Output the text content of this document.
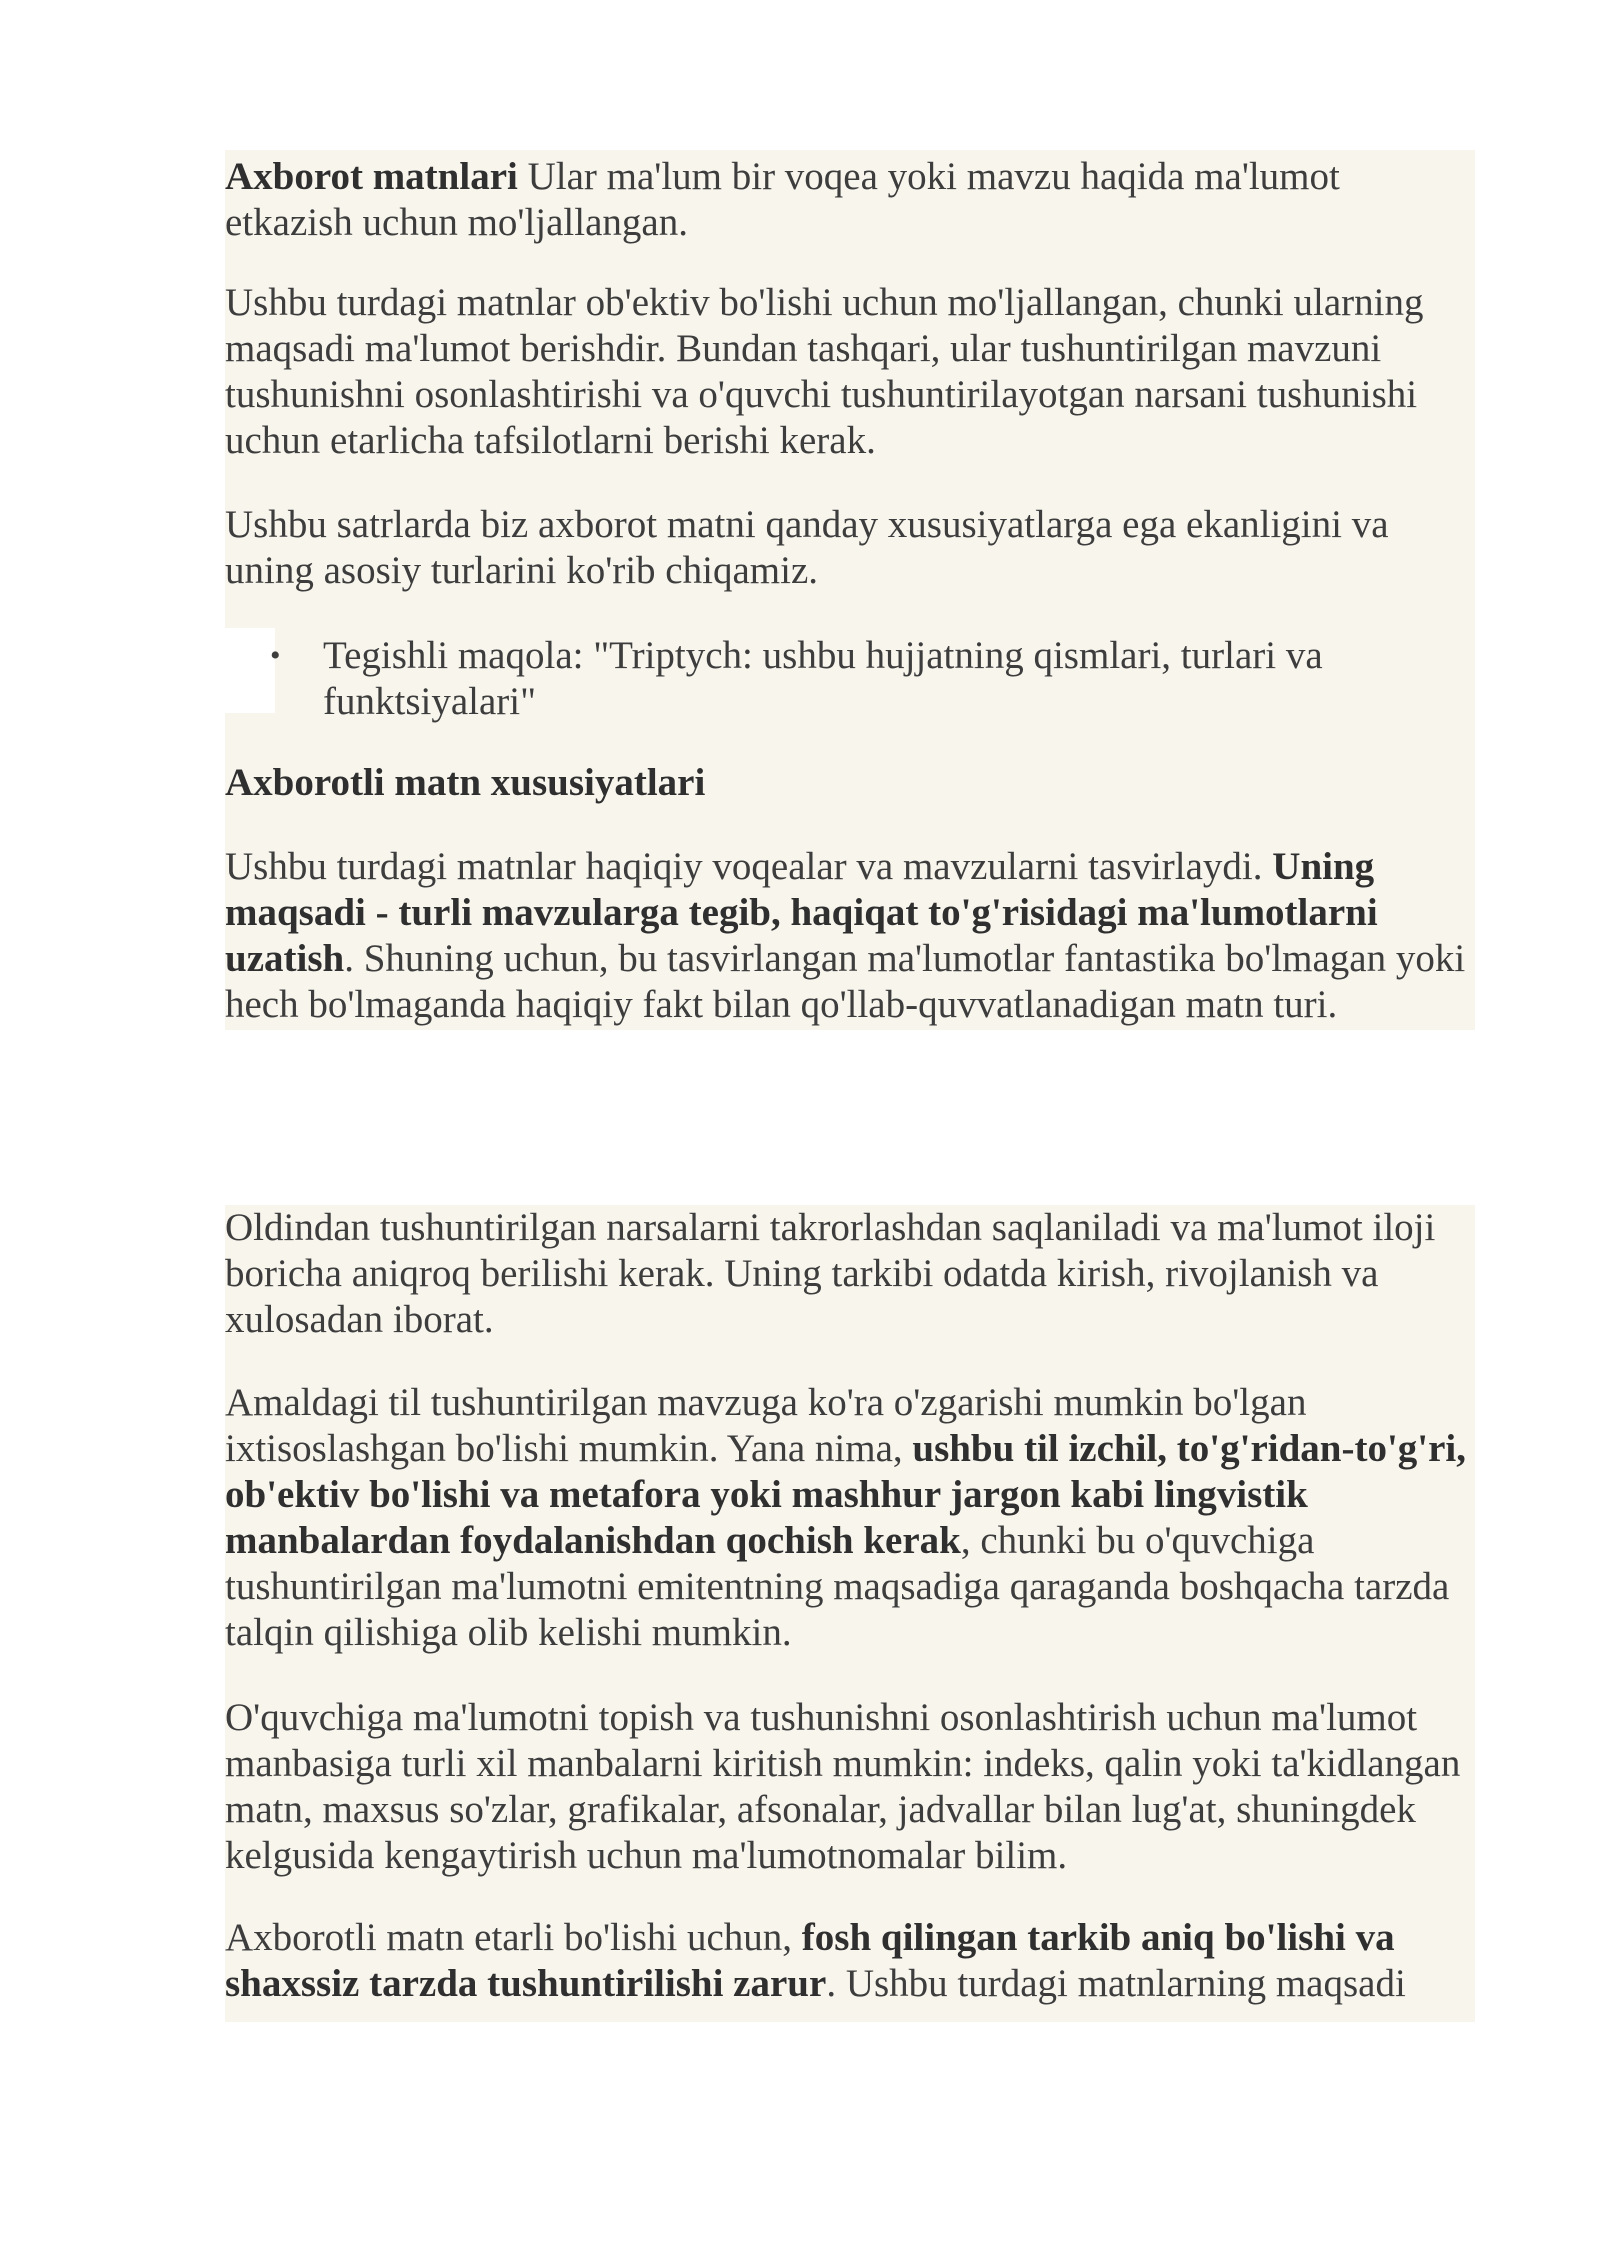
Axborot matnlari Ular ma'lum bir voqea yoki mavzu haqida ma'lumot etkazish uchun mo'ljallangan.

Ushbu turdagi matnlar ob'ektiv bo'lishi uchun mo'ljallangan, chunki ularning maqsadi ma'lumot berishdir. Bundan tashqari, ular tushuntirilgan mavzuni tushunishni osonlashtirishi va o'quvchi tushuntirilayotgan narsani tushunishi uchun etarlicha tafsilotlarni berishi kerak.

Ushbu satrlarda biz axborot matni qanday xususiyatlarga ega ekanligini va uning asosiy turlarini ko'rib chiqamiz.

• Tegishli maqola: "Triptych: ushbu hujjatning qismlari, turlari va funktsiyalari"
Axborotli matn xususiyatlari

Ushbu turdagi matnlar haqiqiy voqealar va mavzularni tasvirlaydi. Uning maqsadi - turli mavzularga tegib, haqiqat to'g'risidagi ma'lumotlarni uzatish. Shuning uchun, bu tasvirlangan ma'lumotlar fantastika bo'lmagan yoki hech bo'lmaganda haqiqiy fakt bilan qo'llab-quvvatlanadigan matn turi.

Oldindan tushuntirilgan narsalarni takrorlashdan saqlaniladi va ma'lumot iloji boricha aniqroq berilishi kerak. Uning tarkibi odatda kirish, rivojlanish va xulosadan iborat.

Amaldagi til tushuntirilgan mavzuga ko'ra o'zgarishi mumkin bo'lgan ixtisoslashgan bo'lishi mumkin. Yana nima, ushbu til izchil, to'g'ridan-to'g'ri, ob'ektiv bo'lishi va metafora yoki mashhur jargon kabi lingvistik manbalardan foydalanishdan qochish kerak, chunki bu o'quvchiga tushuntirilgan ma'lumotni emitentning maqsadiga qaraganda boshqacha tarzda talqin qilishiga olib kelishi mumkin.

O'quvchiga ma'lumotni topish va tushunishni osonlashtirish uchun ma'lumot manbasiga turli xil manbalarni kiritish mumkin: indeks, qalin yoki ta'kidlangan matn, maxsus so'zlar, grafikalar, afsonalar, jadvallar bilan lug'at, shuningdek kelgusida kengaytirish uchun ma'lumotnomalar bilim.

Axborotli matn etarli bo'lishi uchun, fosh qilingan tarkib aniq bo'lishi va shaxssiz tarzda tushuntirilishi zarur. Ushbu turdagi matnlarning maqsadi
